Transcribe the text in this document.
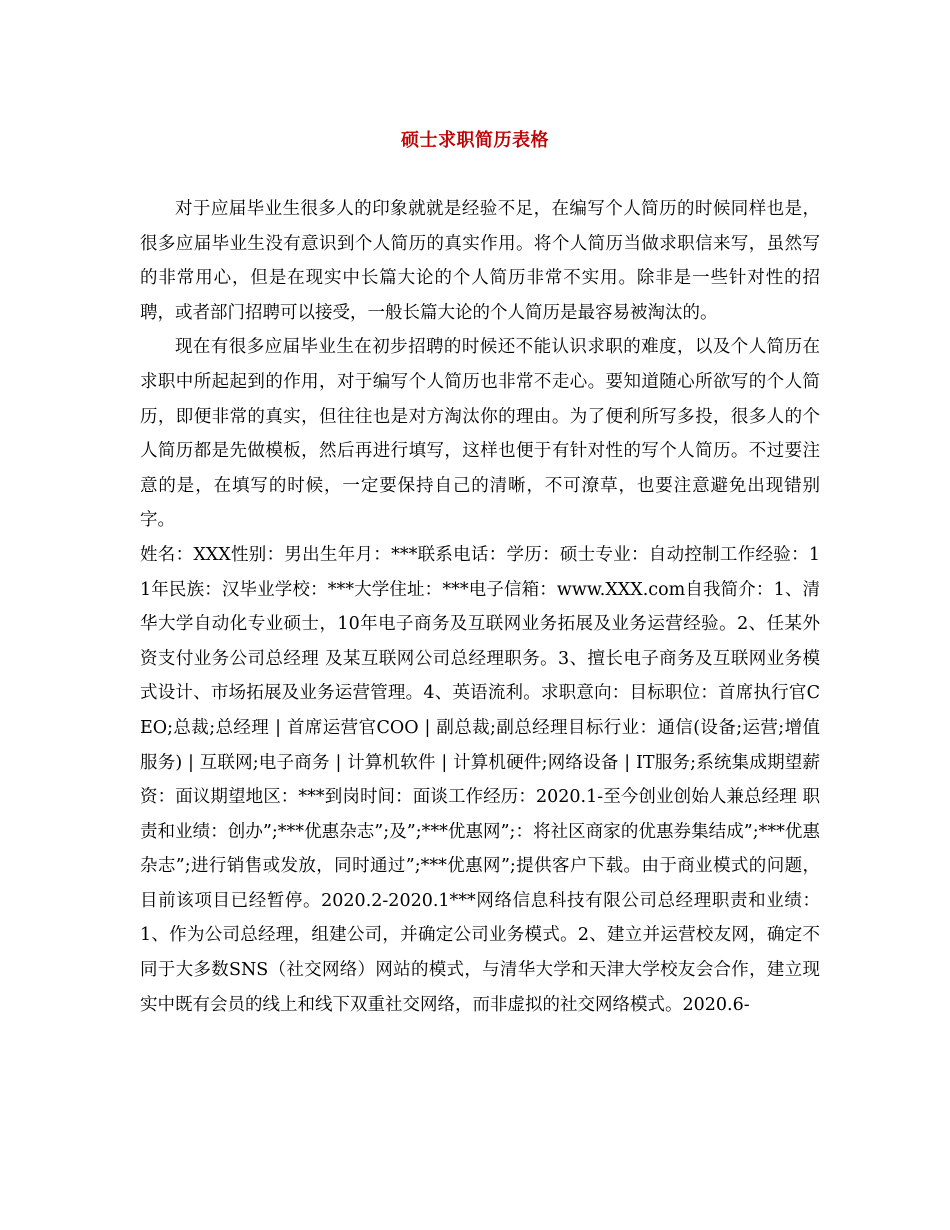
硕士求职简历表格

对于应届毕业生很多人的印象就就是经验不足，在编写个人简历的时候同样也是，很多应届毕业生没有意识到个人简历的真实作用。将个人简历当做求职信来写，虽然写的非常用心，但是在现实中长篇大论的个人简历非常不实用。除非是一些针对性的招聘，或者部门招聘可以接受，一般长篇大论的个人简历是最容易被淘汰的。

现在有很多应届毕业生在初步招聘的时候还不能认识求职的难度，以及个人简历在求职中所起起到的作用，对于编写个人简历也非常不走心。要知道随心所欲写的个人简历，即便非常的真实，但往往也是对方淘汰你的理由。为了便利所写多投，很多人的个人简历都是先做模板，然后再进行填写，这样也便于有针对性的写个人简历。不过要注意的是，在填写的时候，一定要保持自己的清晰，不可潦草，也要注意避免出现错别字。

姓名：XXX性别：男出生年月：***联系电话：学历：硕士专业：自动控制工作经验：11年民族：汉毕业学校：***大学住址：***电子信箱：www.XXX.com自我简介：1、清华大学自动化专业硕士，10年电子商务及互联网业务拓展及业务运营经验。2、任某外资支付业务公司总经理 及某互联网公司总经理职务。3、擅长电子商务及互联网业务模式设计、市场拓展及业务运营管理。4、英语流利。求职意向：目标职位：首席执行官CEO;总裁;总经理 | 首席运营官COO | 副总裁;副总经理目标行业：通信(设备;运营;增值服务) | 互联网;电子商务 | 计算机软件 | 计算机硬件;网络设备 | IT服务;系统集成期望薪资：面议期望地区：***到岗时间：面谈工作经历：2020.1-至今创业创始人兼总经理 职责和业绩：创办”;***优惠杂志”;及”;***优惠网”;：将社区商家的优惠券集结成”;***优惠杂志”;进行销售或发放，同时通过”;***优惠网”;提供客户下载。由于商业模式的问题，目前该项目已经暂停。2020.2-2020.1***网络信息科技有限公司总经理职责和业绩：1、作为公司总经理，组建公司，并确定公司业务模式。2、建立并运营校友网，确定不同于大多数SNS（社交网络）网站的模式，与清华大学和天津大学校友会合作，建立现实中既有会员的线上和线下双重社交网络，而非虚拟的社交网络模式。2020.6-
